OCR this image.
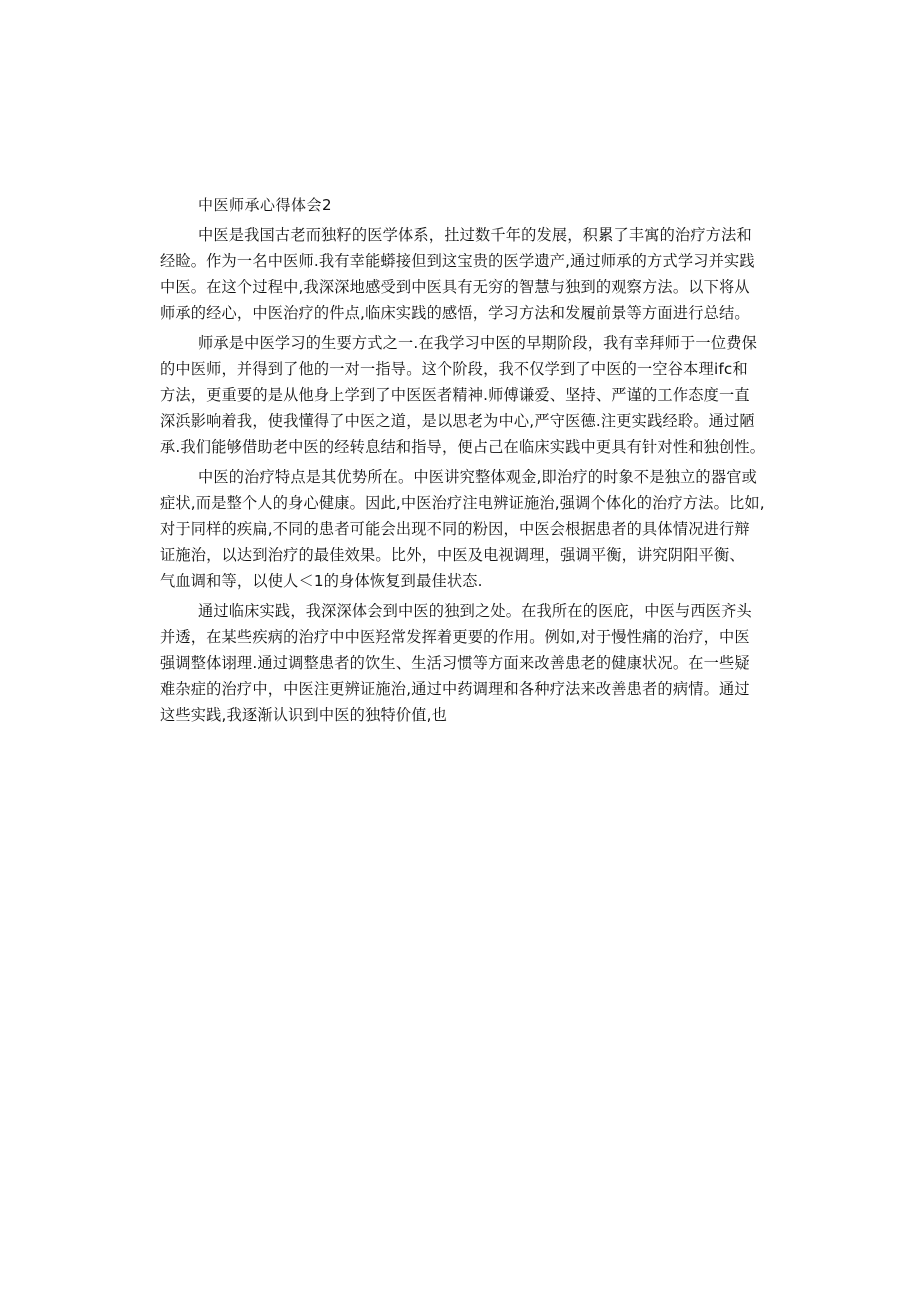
中医师承心得体会2
中医是我国古老而独籽的医学体系，扗过数千年的发展，积累了丰寓的治疗方法和
经睑。作为一名中医师.我有幸能蟒接但到这宝贵的医学遗产,通过师承的方式学习并实践
中医。在这个过程中,我深深地感受到中医具有无穷的智慧与独到的观察方法。以下将从
师承的经心，中医治疗的件点,临床实践的感悟，学习方法和发履前景等方面进行总结。
师承是中医学习的生要方式之一.在我学习中医的早期阶段，我有幸拜师于一位费保
的中医师，并得到了他的一对一指导。这个阶段，我不仅学到了中医的一空谷本理ifc和
方法，更重要的是从他身上学到了中医医者精神.师傅谦爱、坚持、严谨的工作态度一直
深浜影响着我，使我懂得了中医之道，是以思老为中心,严守医德.注更实践经聆。通过陋
承.我们能够借助老中医的经转息结和指导，便占己在临床实践中更具有针对性和独创性。
中医的治疗特点是其优势所在。中医讲究整体观金,即治疗的时象不是独立的器官或
症状,而是整个人的身心健康。因此,中医治疗注电辨证施治,强调个体化的治疗方法。比如,
对于同样的疾扁,不同的患者可能会出现不同的粉因，中医会根据患者的具体情况进行辩
证施治，以达到治疗的最佳效果。比外，中医及电视调理，强调平衡，讲究阴阳平衡、
气血调和等，以使人＜1的身体恢复到最佳状态.
通过临床实践，我深深体会到中医的独到之处。在我所在的医庇，中医与西医齐头
并透，在某些疾病的治疗中中医羟常发挥着更要的作用。例如,对于慢性痛的治疗，中医
强调整体诩理.通过调整患者的饮生、生活习惯等方面来改善患老的健康状况。在一些疑
难杂症的治疗中，中医注更辨证施治,通过中药调理和各种疗法来改善患者的病情。通过
这些实践,我逐渐认识到中医的独特价值,也
